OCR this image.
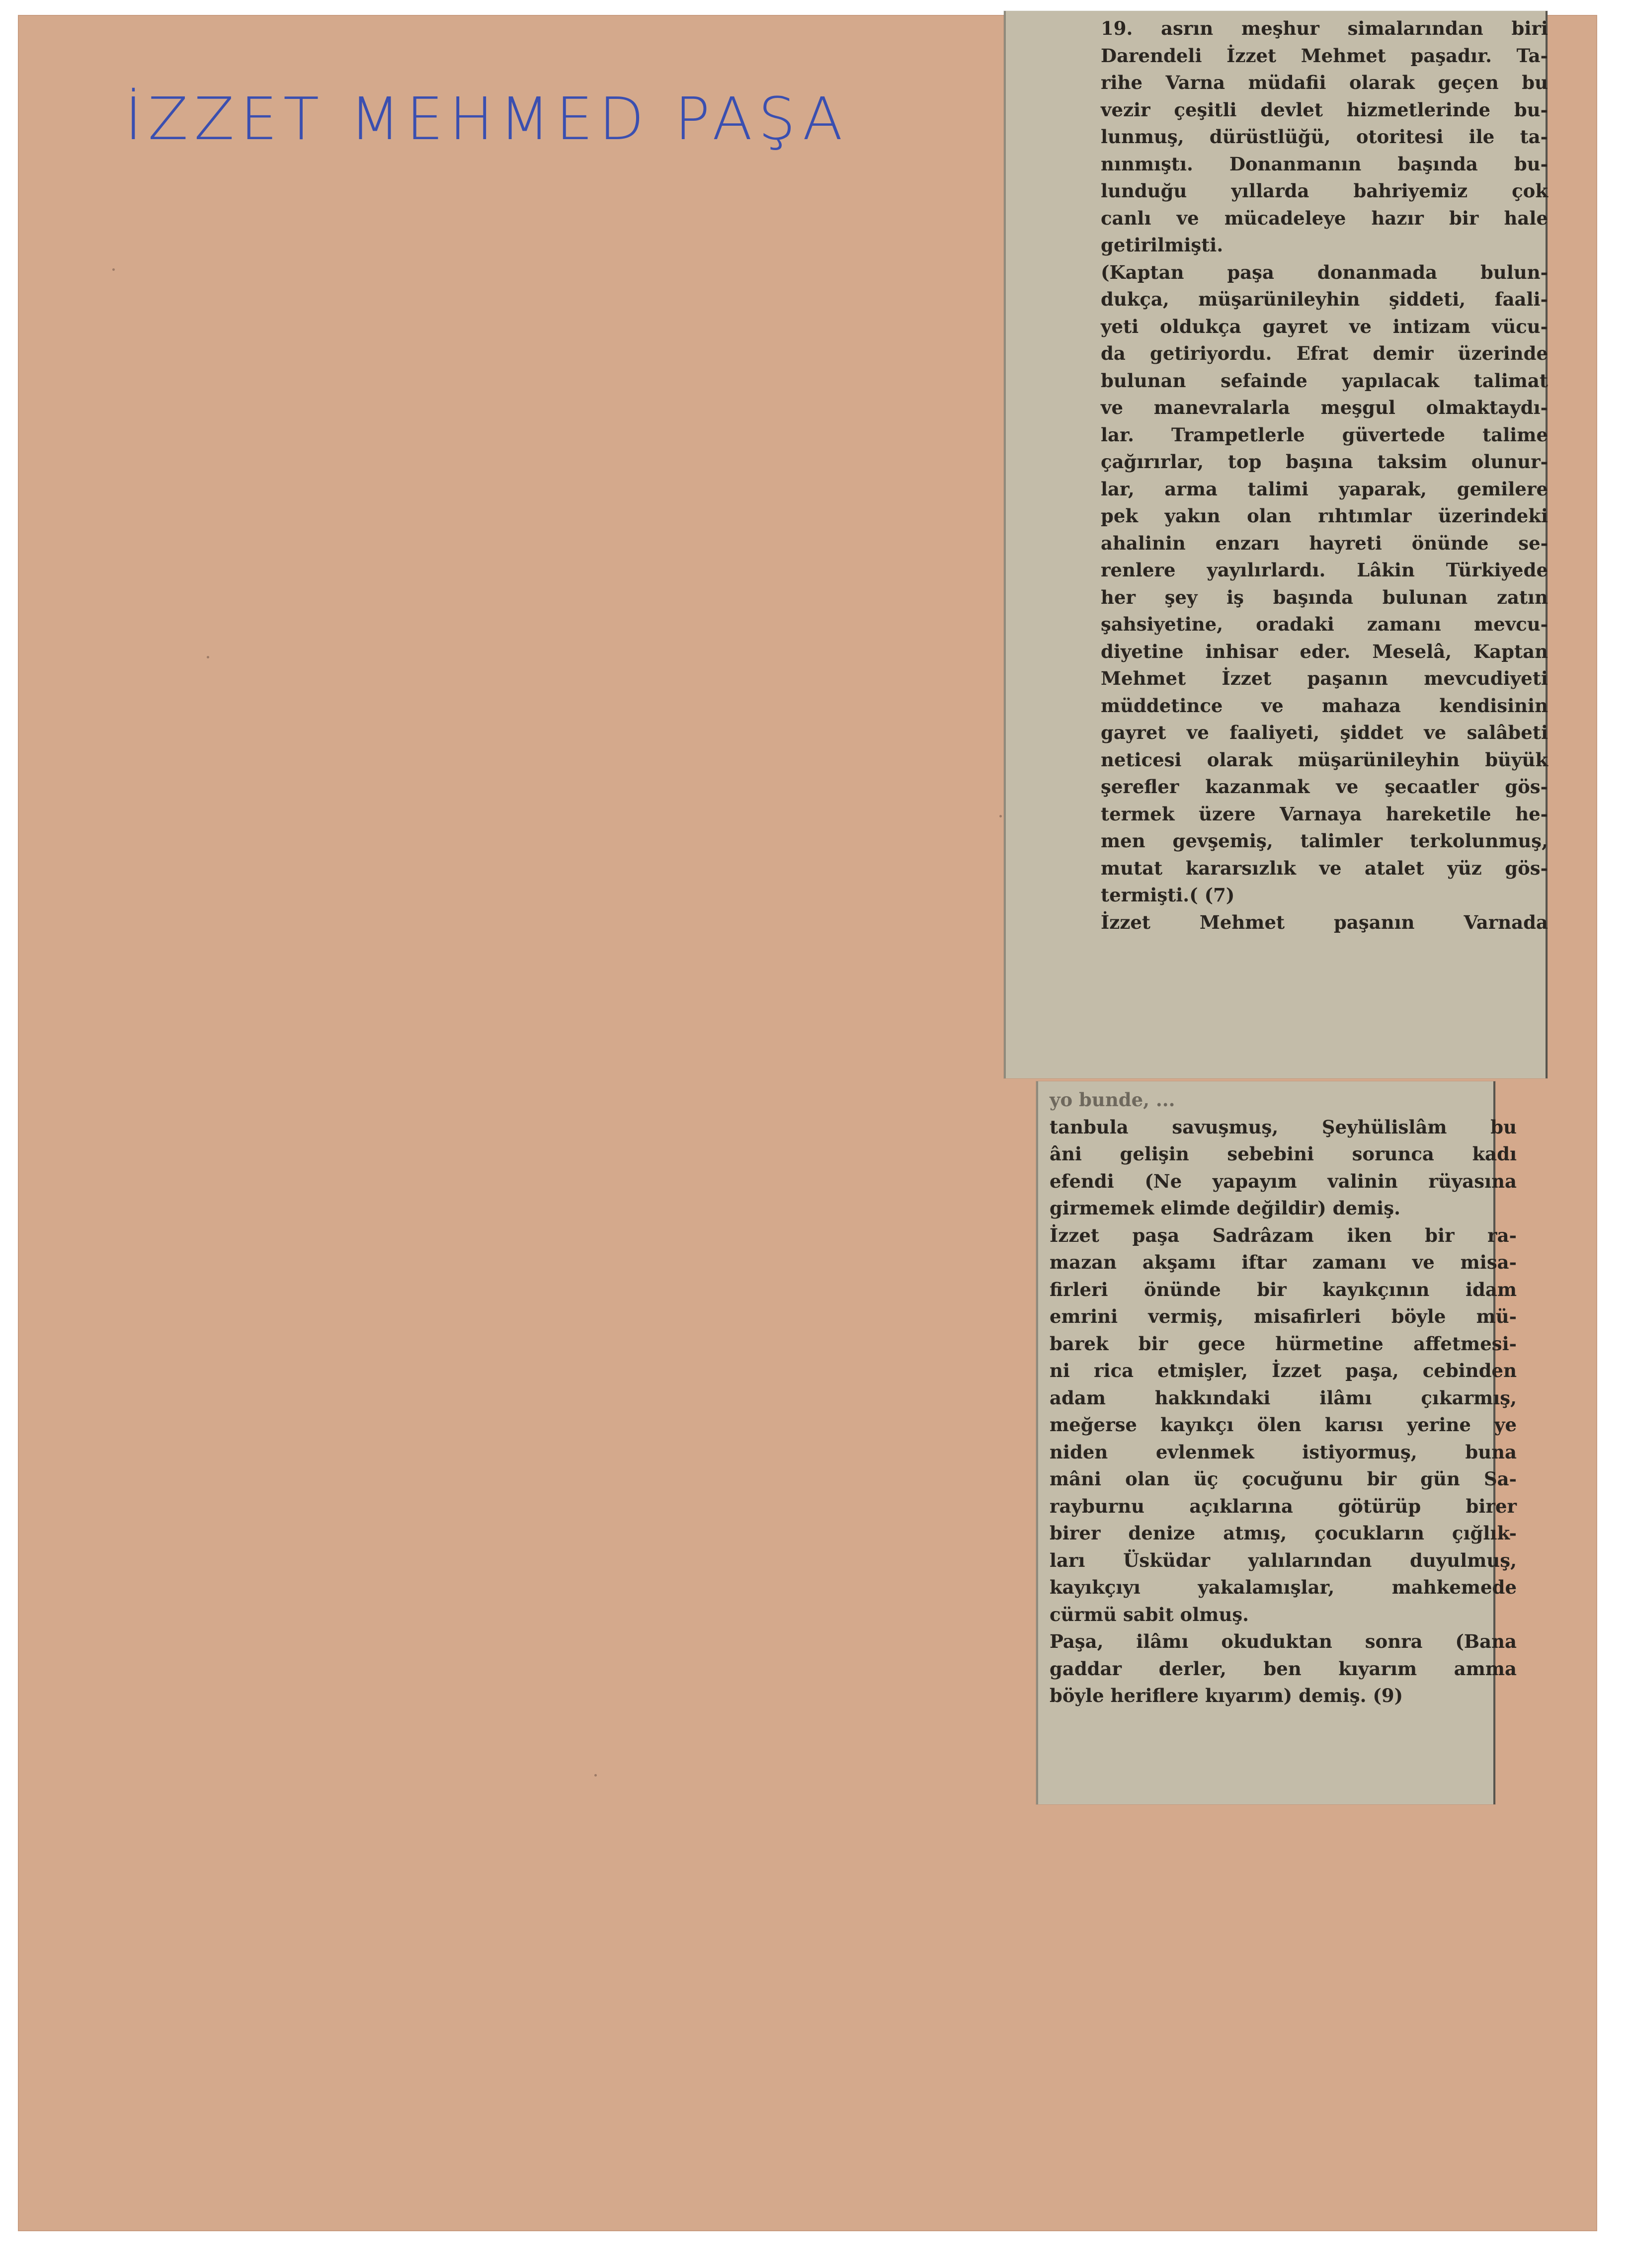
İZZET MEHMED PAŞA
19. asrın meşhur simalarından biri
Darendeli İzzet Mehmet paşadır. Ta-
rihe Varna müdafii olarak geçen bu
vezir çeşitli devlet hizmetlerinde bu-
lunmuş, dürüstlüğü, otoritesi ile ta-
nınmıştı. Donanmanın başında bu-
lunduğu yıllarda bahriyemiz çok
canlı ve mücadeleye hazır bir hale
getirilmişti.
(Kaptan paşa donanmada bulun-
dukça, müşarünileyhin şiddeti, faali-
yeti oldukça gayret ve intizam vücu-
da getiriyordu. Efrat demir üzerinde
bulunan sefainde yapılacak talimat
ve manevralarla meşgul olmaktaydı-
lar. Trampetlerle güvertede talime
çağırırlar, top başına taksim olunur-
lar, arma talimi yaparak, gemilere
pek yakın olan rıhtımlar üzerindeki
ahalinin enzarı hayreti önünde se-
renlere yayılırlardı. Lâkin Türkiyede
her şey iş başında bulunan zatın
şahsiyetine, oradaki zamanı mevcu-
diyetine inhisar eder. Meselâ, Kaptan
Mehmet İzzet paşanın mevcudiyeti
müddetince ve mahaza kendisinin
gayret ve faaliyeti, şiddet ve salâbeti
neticesi olarak müşarünileyhin büyük
şerefler kazanmak ve şecaatler gös-
termek üzere Varnaya hareketile he-
men gevşemiş, talimler terkolunmuş,
mutat kararsızlık ve atalet yüz gös-
termişti.( (7)
İzzet Mehmet paşanın Varnada
yo bunde, ...
tanbula savuşmuş, Şeyhülislâm bu
âni gelişin sebebini sorunca kadı
efendi (Ne yapayım valinin rüyasına
girmemek elimde değildir) demiş.
İzzet paşa Sadrâzam iken bir ra-
mazan akşamı iftar zamanı ve misa-
firleri önünde bir kayıkçının idam
emrini vermiş, misafirleri böyle mü-
barek bir gece hürmetine affetmesi-
ni rica etmişler, İzzet paşa, cebinden
adam hakkındaki ilâmı çıkarmış,
meğerse kayıkçı ölen karısı yerine ye
niden evlenmek istiyormuş, buna
mâni olan üç çocuğunu bir gün Sa-
rayburnu açıklarına götürüp birer
birer denize atmış, çocukların çığlık-
ları Üsküdar yalılarından duyulmuş,
kayıkçıyı yakalamışlar, mahkemede
cürmü sabit olmuş.
Paşa, ilâmı okuduktan sonra (Bana
gaddar derler, ben kıyarım amma
böyle heriflere kıyarım) demiş. (9)
